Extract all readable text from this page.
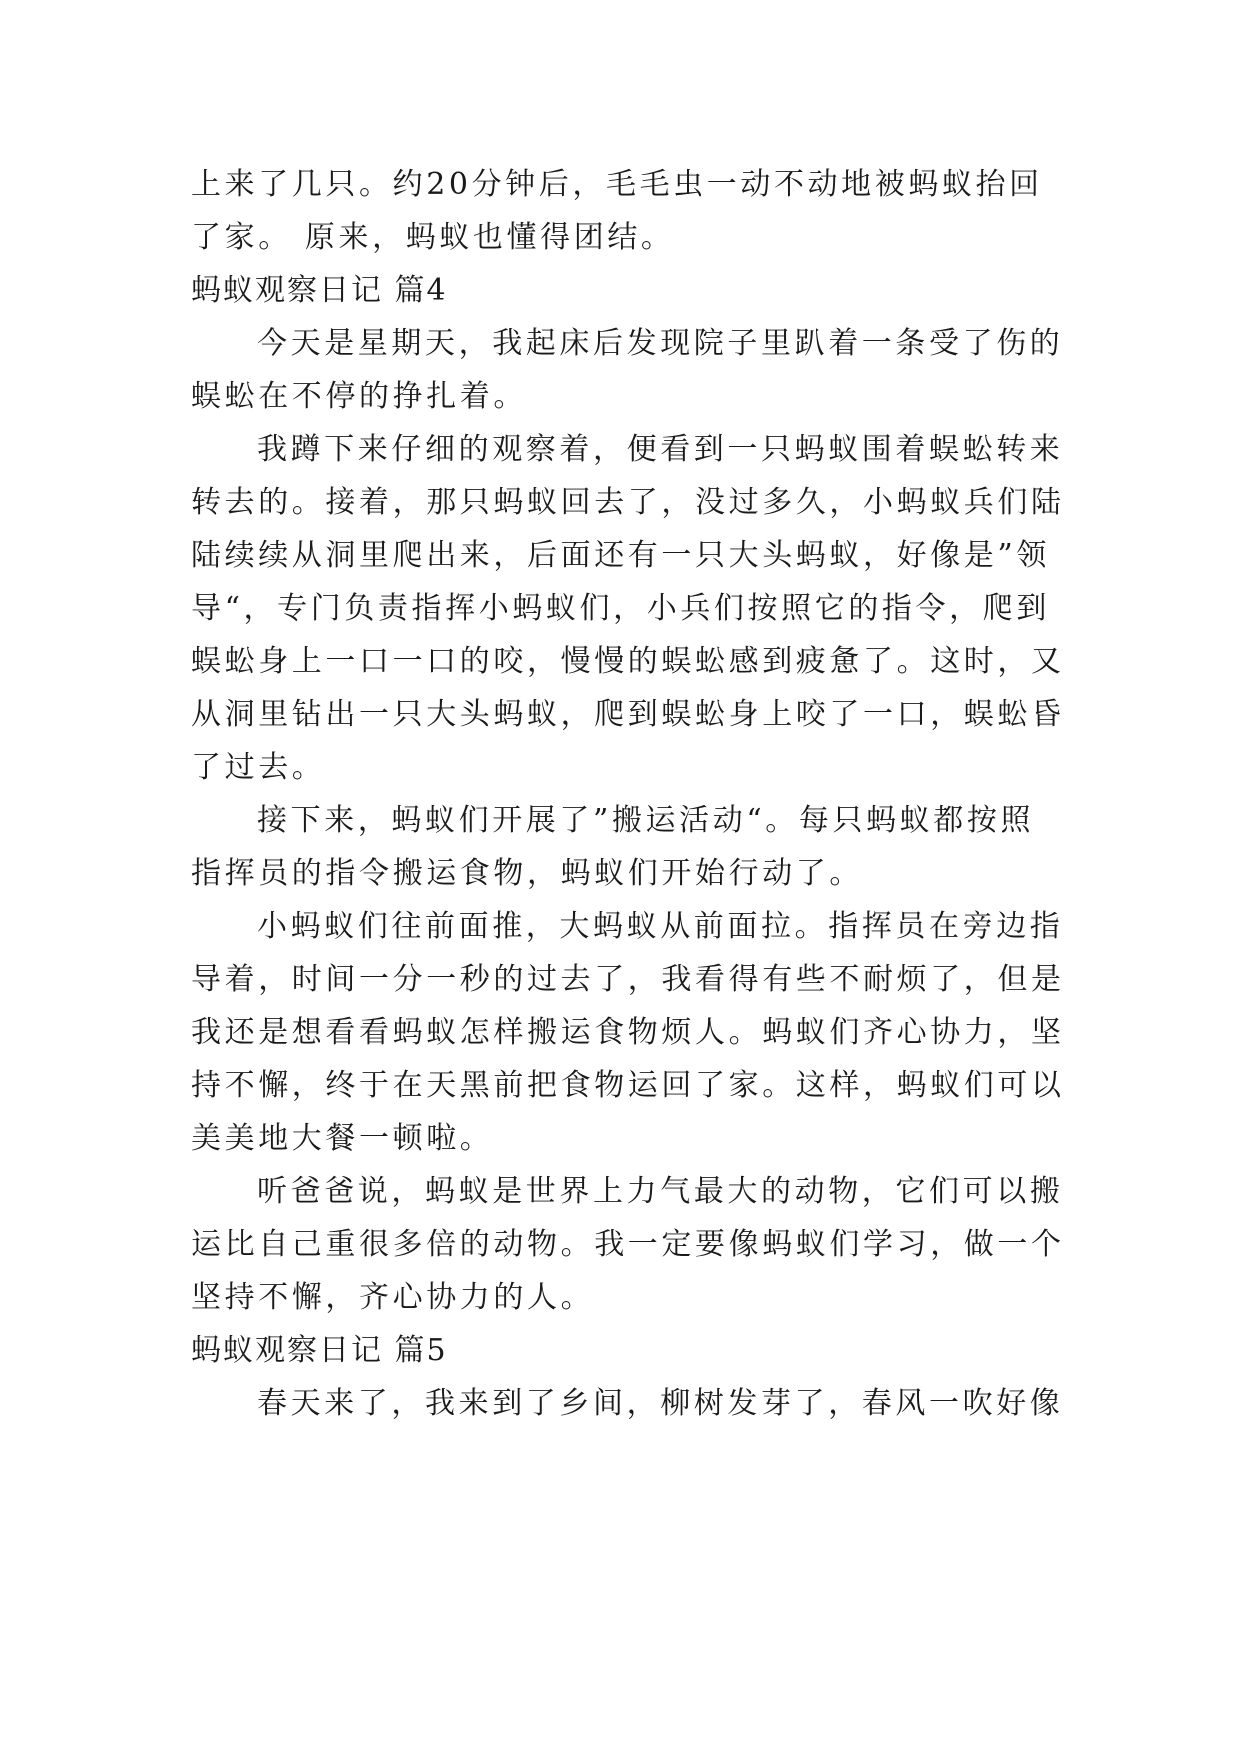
上来了几只。约20分钟后，毛毛虫一动不动地被蚂蚁抬回
了家。 原来，蚂蚁也懂得团结。
蚂蚁观察日记 篇4
今天是星期天，我起床后发现院子里趴着一条受了伤的
蜈蚣在不停的挣扎着。
我蹲下来仔细的观察着，便看到一只蚂蚁围着蜈蚣转来
转去的。接着，那只蚂蚁回去了，没过多久，小蚂蚁兵们陆
陆续续从洞里爬出来，后面还有一只大头蚂蚁，好像是”领
导“，专门负责指挥小蚂蚁们，小兵们按照它的指令，爬到
蜈蚣身上一口一口的咬，慢慢的蜈蚣感到疲惫了。这时，又
从洞里钻出一只大头蚂蚁，爬到蜈蚣身上咬了一口，蜈蚣昏
了过去。
接下来，蚂蚁们开展了”搬运活动“。每只蚂蚁都按照
指挥员的指令搬运食物，蚂蚁们开始行动了。
小蚂蚁们往前面推，大蚂蚁从前面拉。指挥员在旁边指
导着，时间一分一秒的过去了，我看得有些不耐烦了，但是
我还是想看看蚂蚁怎样搬运食物烦人。蚂蚁们齐心协力，坚
持不懈，终于在天黑前把食物运回了家。这样，蚂蚁们可以
美美地大餐一顿啦。
听爸爸说，蚂蚁是世界上力气最大的动物，它们可以搬
运比自己重很多倍的动物。我一定要像蚂蚁们学习，做一个
坚持不懈，齐心协力的人。
蚂蚁观察日记 篇5
春天来了，我来到了乡间，柳树发芽了，春风一吹好像
